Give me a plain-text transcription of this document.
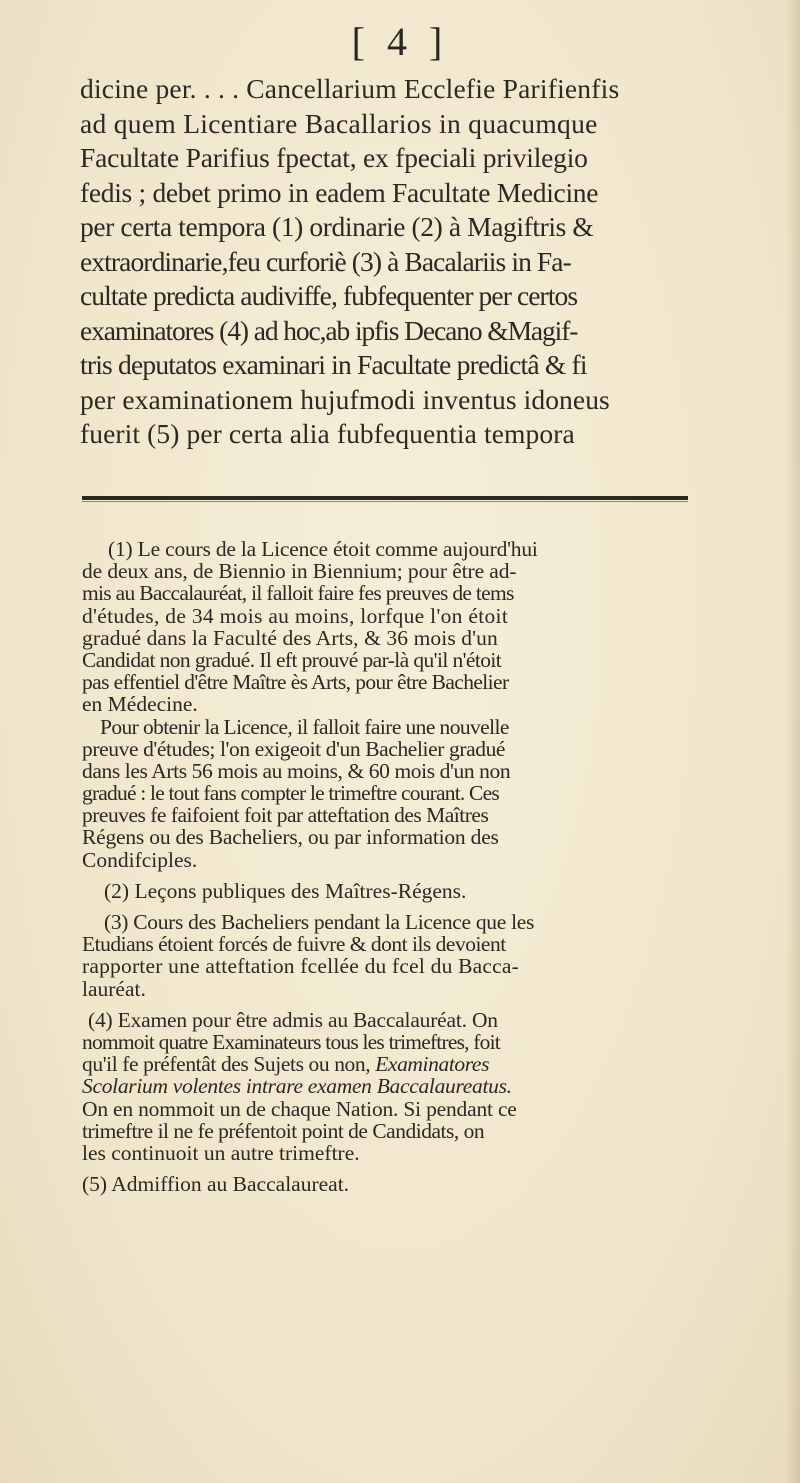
[ 4 ]
dicine per. . . . Cancellarium Ecclefie Parifienfis
ad quem Licentiare Bacallarios in quacumque
Facultate Parifius fpectat, ex fpeciali privilegio
fedis ; debet primo in eadem Facultate Medicine
per certa tempora (1) ordinarie (2) à Magiftris &
extraordinarie,feu curforiè (3) à Bacalariis in Fa-
cultate predicta audiviffe, fubfequenter per certos
examinatores (4) ad hoc,ab ipfis Decano &Magif-
tris deputatos examinari in Facultate predictâ & fi
per examinationem hujufmodi inventus idoneus
fuerit (5) per certa alia fubfequentia tempora
(1) Le cours de la Licence étoit comme aujourd'hui
de deux ans, de Biennio in Biennium; pour être ad-
mis au Baccalauréat, il falloit faire fes preuves de tems
d'études, de 34 mois au moins, lorfque l'on étoit
gradué dans la Faculté des Arts, & 36 mois d'un
Candidat non gradué. Il eft prouvé par-là qu'il n'étoit
pas effentiel d'être Maître ès Arts, pour être Bachelier
en Médecine.
Pour obtenir la Licence, il falloit faire une nouvelle
preuve d'études; l'on exigeoit d'un Bachelier gradué
dans les Arts 56 mois au moins, & 60 mois d'un non
gradué : le tout fans compter le trimeftre courant. Ces
preuves fe faifoient foit par atteftation des Maîtres
Régens ou des Bacheliers, ou par information des
Condifciples.
(2) Leçons publiques des Maîtres-Régens.
(3) Cours des Bacheliers pendant la Licence que les
Etudians étoient forcés de fuivre & dont ils devoient
rapporter une atteftation fcellée du fcel du Bacca-
lauréat.
(4) Examen pour être admis au Baccalauréat. On
nommoit quatre Examinateurs tous les trimeftres, foit
qu'il fe préfentât des Sujets ou non, Examinatores
Scolarium volentes intrare examen Baccalaureatus.
On en nommoit un de chaque Nation. Si pendant ce
trimeftre il ne fe préfentoit point de Candidats, on
les continuoit un autre trimeftre.
(5) Admiffion au Baccalaureat.
